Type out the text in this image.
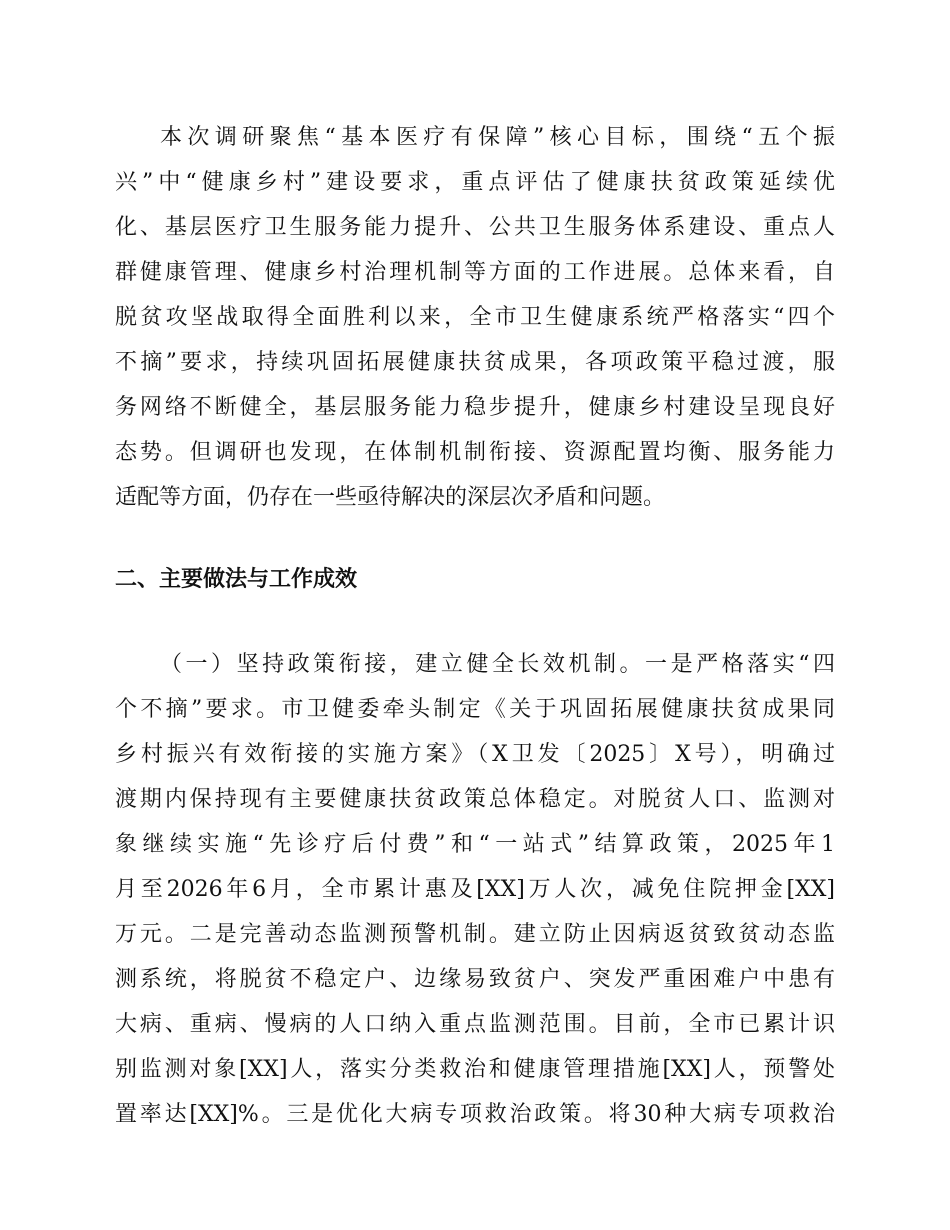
本次调研聚焦“基本医疗有保障”核心目标，围绕“五个振
兴”中“健康乡村”建设要求，重点评估了健康扶贫政策延续优
化、基层医疗卫生服务能力提升、公共卫生服务体系建设、重点人
群健康管理、健康乡村治理机制等方面的工作进展。总体来看，自
脱贫攻坚战取得全面胜利以来，全市卫生健康系统严格落实“四个
不摘”要求，持续巩固拓展健康扶贫成果，各项政策平稳过渡，服
务网络不断健全，基层服务能力稳步提升，健康乡村建设呈现良好
态势。但调研也发现，在体制机制衔接、资源配置均衡、服务能力
适配等方面，仍存在一些亟待解决的深层次矛盾和问题。
二、主要做法与工作成效
（一）坚持政策衔接，建立健全长效机制。一是严格落实“四
个不摘”要求。市卫健委牵头制定《关于巩固拓展健康扶贫成果同
乡村振兴有效衔接的实施方案》（X卫发〔2025〕X号），明确过
渡期内保持现有主要健康扶贫政策总体稳定。对脱贫人口、监测对
象继续实施“先诊疗后付费”和“一站式”结算政策，2025年1
月至2026年6月，全市累计惠及[XX]万人次，减免住院押金[XX]
万元。二是完善动态监测预警机制。建立防止因病返贫致贫动态监
测系统，将脱贫不稳定户、边缘易致贫户、突发严重困难户中患有
大病、重病、慢病的人口纳入重点监测范围。目前，全市已累计识
别监测对象[XX]人，落实分类救治和健康管理措施[XX]人，预警处
置率达[XX]%。三是优化大病专项救治政策。将30种大病专项救治
